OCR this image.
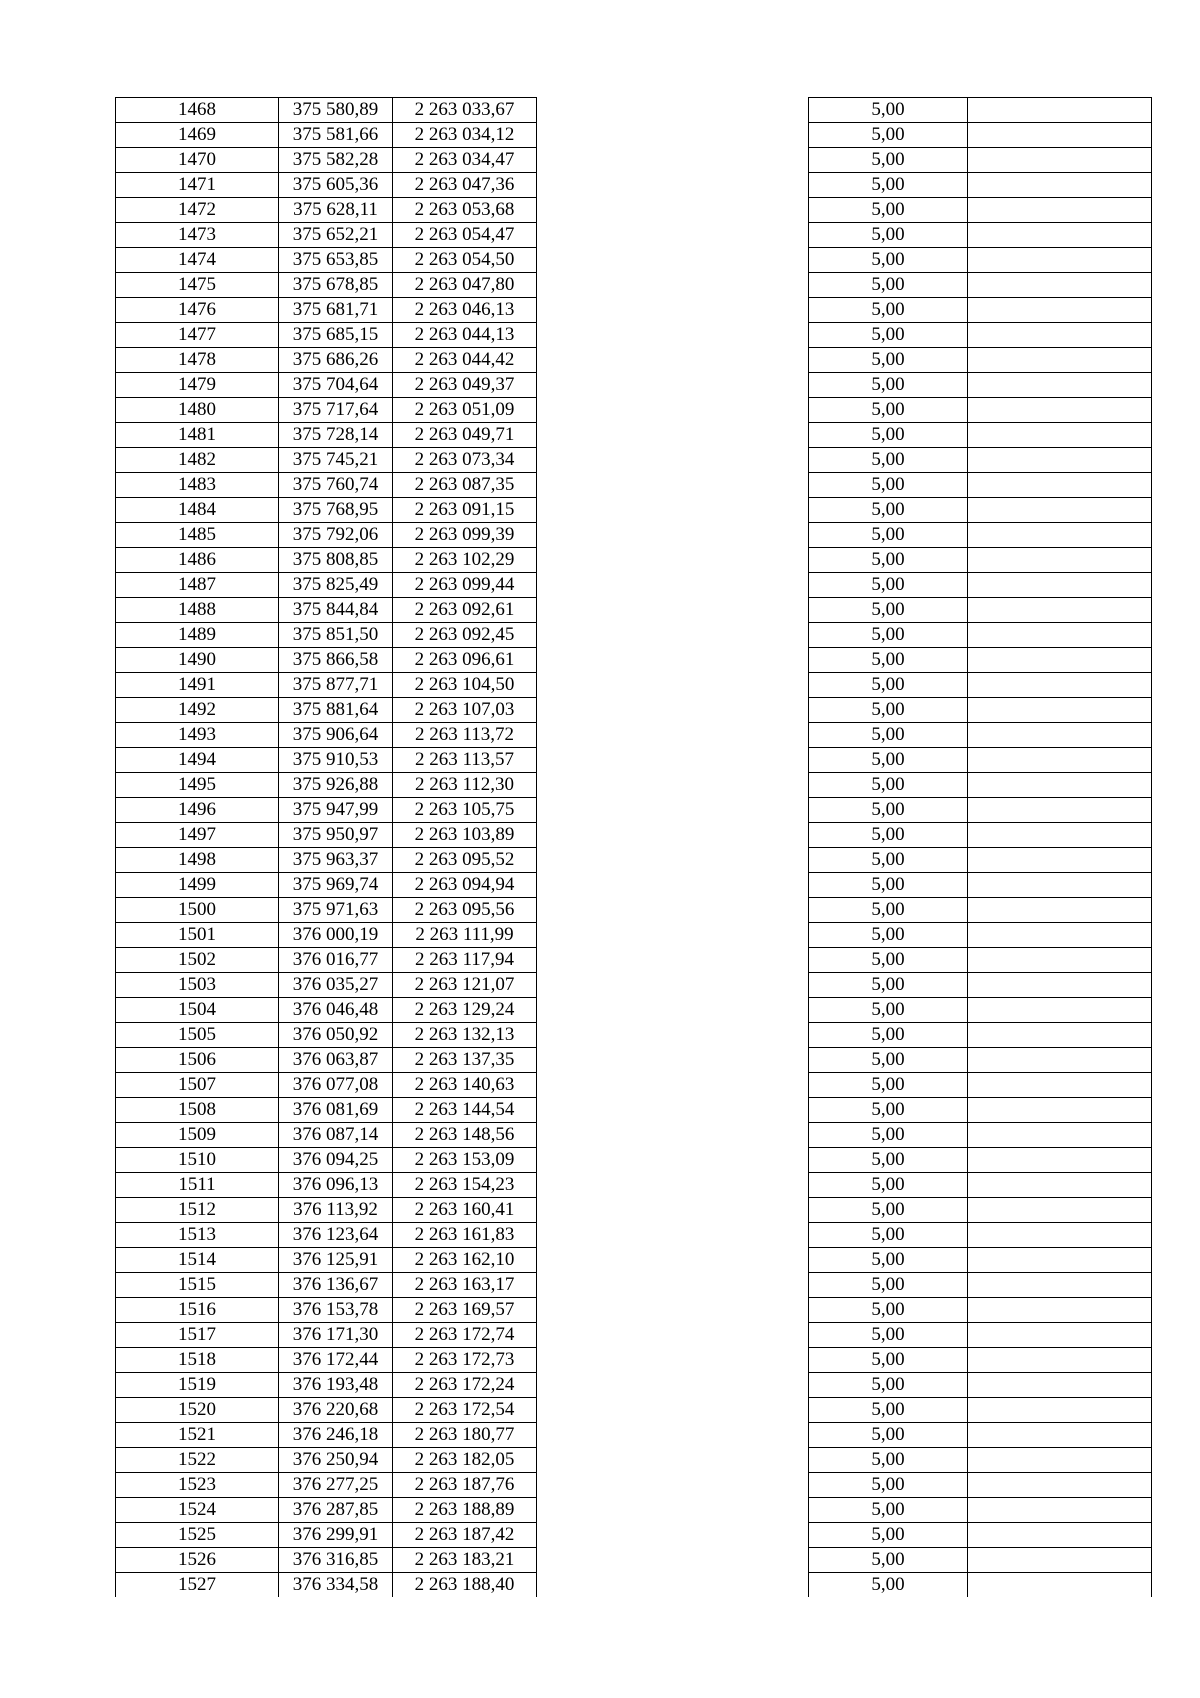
1468	375 580,89	2 263 033,67		5,00	
1469	375 581,66	2 263 034,12		5,00	
1470	375 582,28	2 263 034,47		5,00	
1471	375 605,36	2 263 047,36		5,00	
1472	375 628,11	2 263 053,68		5,00	
1473	375 652,21	2 263 054,47		5,00	
1474	375 653,85	2 263 054,50		5,00	
1475	375 678,85	2 263 047,80		5,00	
1476	375 681,71	2 263 046,13		5,00	
1477	375 685,15	2 263 044,13		5,00	
1478	375 686,26	2 263 044,42		5,00	
1479	375 704,64	2 263 049,37		5,00	
1480	375 717,64	2 263 051,09		5,00	
1481	375 728,14	2 263 049,71		5,00	
1482	375 745,21	2 263 073,34		5,00	
1483	375 760,74	2 263 087,35		5,00	
1484	375 768,95	2 263 091,15		5,00	
1485	375 792,06	2 263 099,39		5,00	
1486	375 808,85	2 263 102,29		5,00	
1487	375 825,49	2 263 099,44		5,00	
1488	375 844,84	2 263 092,61		5,00	
1489	375 851,50	2 263 092,45		5,00	
1490	375 866,58	2 263 096,61		5,00	
1491	375 877,71	2 263 104,50		5,00	
1492	375 881,64	2 263 107,03		5,00	
1493	375 906,64	2 263 113,72		5,00	
1494	375 910,53	2 263 113,57		5,00	
1495	375 926,88	2 263 112,30		5,00	
1496	375 947,99	2 263 105,75		5,00	
1497	375 950,97	2 263 103,89		5,00	
1498	375 963,37	2 263 095,52		5,00	
1499	375 969,74	2 263 094,94		5,00	
1500	375 971,63	2 263 095,56		5,00	
1501	376 000,19	2 263 111,99		5,00	
1502	376 016,77	2 263 117,94		5,00	
1503	376 035,27	2 263 121,07		5,00	
1504	376 046,48	2 263 129,24		5,00	
1505	376 050,92	2 263 132,13		5,00	
1506	376 063,87	2 263 137,35		5,00	
1507	376 077,08	2 263 140,63		5,00	
1508	376 081,69	2 263 144,54		5,00	
1509	376 087,14	2 263 148,56		5,00	
1510	376 094,25	2 263 153,09		5,00	
1511	376 096,13	2 263 154,23		5,00	
1512	376 113,92	2 263 160,41		5,00	
1513	376 123,64	2 263 161,83		5,00	
1514	376 125,91	2 263 162,10		5,00	
1515	376 136,67	2 263 163,17		5,00	
1516	376 153,78	2 263 169,57		5,00	
1517	376 171,30	2 263 172,74		5,00	
1518	376 172,44	2 263 172,73		5,00	
1519	376 193,48	2 263 172,24		5,00	
1520	376 220,68	2 263 172,54		5,00	
1521	376 246,18	2 263 180,77		5,00	
1522	376 250,94	2 263 182,05		5,00	
1523	376 277,25	2 263 187,76		5,00	
1524	376 287,85	2 263 188,89		5,00	
1525	376 299,91	2 263 187,42		5,00	
1526	376 316,85	2 263 183,21		5,00	
1527	376 334,58	2 263 188,40		5,00	
